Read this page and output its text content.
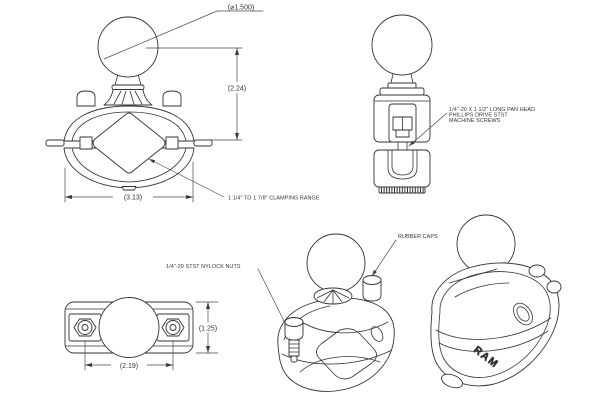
(⌀1.500)
(2.24)
(3.13)	1 1/4" TO 1 7/8" CLAMPING RANGE
1/4"-20 X 1 1/2" LONG PAN HEAD
PHILLIPS DRIVE STST
MACHINE SCREWS
(1.25)
(2.19)
1/4"-20 STST NYLOCK NUTS
RUBBER CAPS
RAM
